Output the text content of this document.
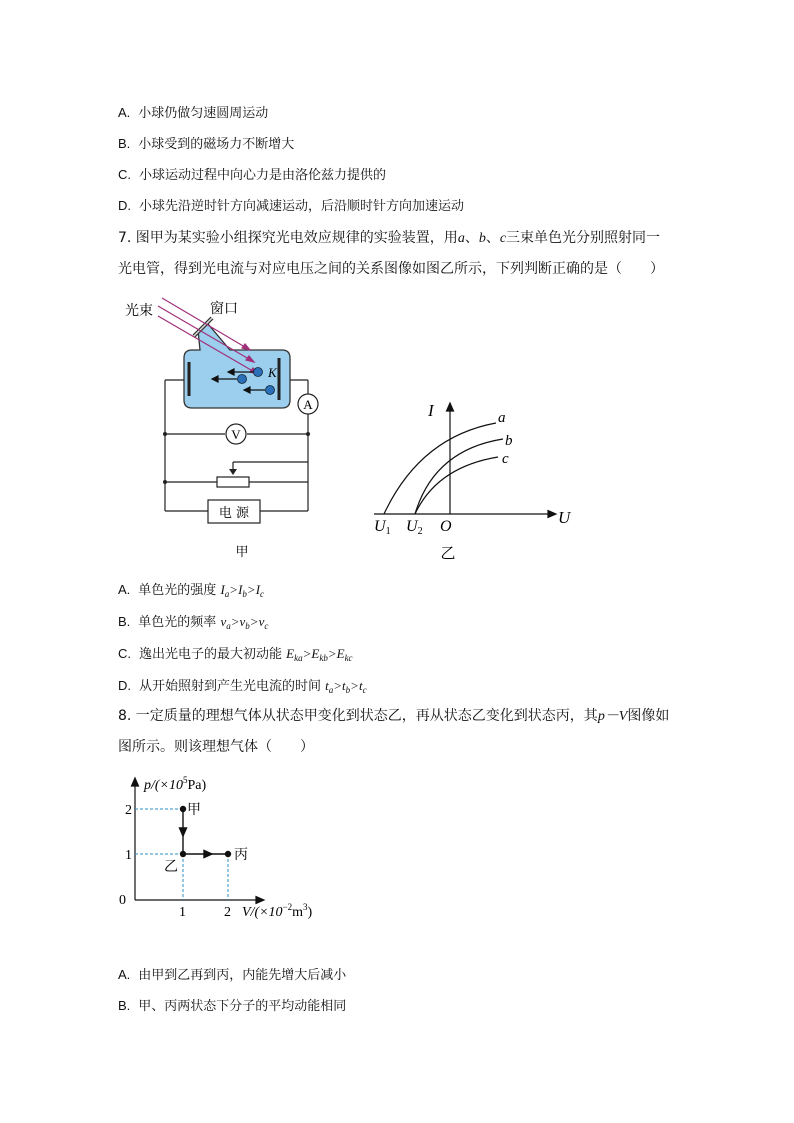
A. 小球仍做匀速圆周运动
B. 小球受到的磁场力不断增大
C. 小球运动过程中向心力是由洛伦兹力提供的
D. 小球先沿逆时针方向减速运动，后沿顺时针方向加速运动
7. 图甲为某实验小组探究光电效应规律的实验装置，用a、b、c三束单色光分别照射同一
光电管，得到光电流与对应电压之间的关系图像如图乙所示，下列判断正确的是（　　）
光束	窗口
K
A
V
电 源
甲
I
U
a
b
c
U1 U2 O
乙
A. 单色光的强度 $I_a>I_b>I_c$
B. 单色光的频率 $\nu_a>\nu_b>\nu_c$
C. 逸出光电子的最大初动能 $E_{ka}>E_{kb}>E_{kc}$
D. 从开始照射到产生光电流的时间 $t_a>t_b>t_c$
8. 一定质量的理想气体从状态甲变化到状态乙，再从状态乙变化到状态丙，其p－V图像如
图所示。则该理想气体（　　）
$p/(\times 10^5Pa)$
$V/(\times 10^{-2}m^3)$
2
1
0
1	2
甲
乙
丙
A. 由甲到乙再到丙，内能先增大后减小
B. 甲、丙两状态下分子的平均动能相同
